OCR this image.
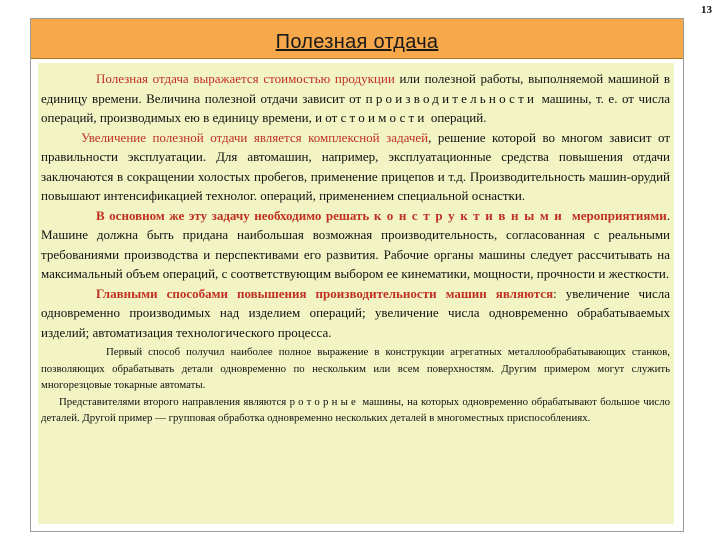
13
Полезная отдача

Полезная отдача выражается стоимостью продукции или полезной работы, выполняемой машиной в единицу времени. Величина полезной отдачи зависит от производительности машины, т. е. от числа операций, производимых ею в единицу времени, и от стоимости операций.

Увеличение полезной отдачи является комплексной задачей, решение которой во многом зависит от правильности эксплуатации. Для автомашин, например, эксплуатационные средства повышения отдачи заключаются в сокращении холостых пробегов, применение прицепов и т.д. Производительность машин-орудий повышают интенсификацией технолог. операций, применением специальной оснастки.

В основном же эту задачу необходимо решать конструктивными мероприятиями. Машине должна быть придана наибольшая возможная производительность, согласованная с реальными требованиями производства и перспективами его развития. Рабочие органы машины следует рассчитывать на максимальный объем операций, с соответствующим выбором ее кинематики, мощности, прочности и жесткости.

Главными способами повышения производительности машин являются: увеличение числа одновременно производимых над изделием операций; увеличение числа одновременно обрабатываемых изделий; автоматизация технологического процесса.

Первый способ получил наиболее полное выражение в конструкции агрегатных металлообрабатывающих станков, позволяющих обрабатывать детали одновременно по нескольким или всем поверхностям. Другим примером могут служить многорезцовые токарные автоматы.

Представителями второго направления являются роторные машины, на которых одновременно обрабатывают большое число деталей. Другой пример — групповая обработка одновременно нескольких деталей в многоместных приспособлениях.
